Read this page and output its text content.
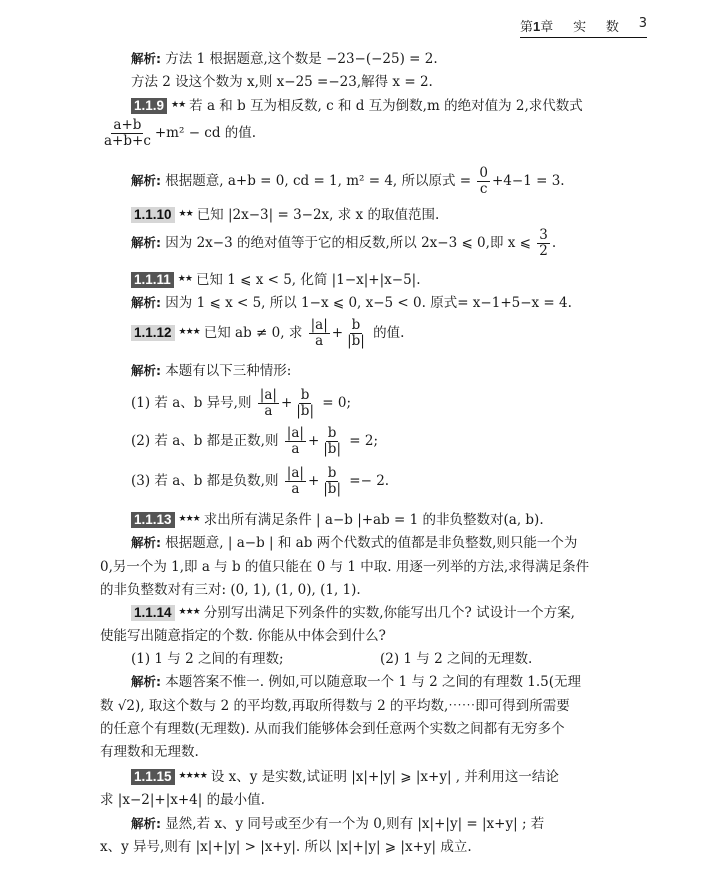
第1章 实 数 3
解析: 方法 1 根据题意,这个数是 −23−(−25) = 2.
方法 2 设这个数为 x,则 x−25 =−23,解得 x = 2.
1.1.9 ★★ 若 a 和 b 互为相反数, c 和 d 互为倒数,m 的绝对值为 2,求代数式
$\frac{a+b}{a+b+c} +m^2$ − cd 的值.
解析: 根据题意, a+b = 0, cd = 1, m² = 4, 所以原式 = $\frac{0}{c} +4-1 = 3$.
1.1.10 ★★ 已知 |2x−3| = 3−2x, 求 x 的取值范围.
解析: 因为 2x−3 的绝对值等于它的相反数,所以 2x−3 ⩽ 0,即 x ⩽ $\frac{3}{2}$ .
1.1.11 ★★ 已知 1 ⩽ x < 5, 化简 |1−x|+|x−5|.
解析: 因为 1 ⩽ x < 5, 所以 1−x ⩽ 0, x−5 < 0. 原式= x−1+5−x = 4.
1.1.12 ★★★ 已知 ab ≠ 0, 求 $\frac{|a|}{a} + \frac{b}{|b|}$ 的值.
解析: 本题有以下三种情形:
(1) 若 a、b 异号,则 $\frac{|a|}{a} + \frac{b}{|b|} = 0$;
(2) 若 a、b 都是正数,则 $\frac{|a|}{a} + \frac{b}{|b|} = 2$;
(3) 若 a、b 都是负数,则 $\frac{|a|}{a} + \frac{b}{|b|} =- 2$.
1.1.13 ★★★ 求出所有满足条件 | a−b |+ab = 1 的非负整数对(a, b).
解析: 根据题意, | a−b | 和 ab 两个代数式的值都是非负整数,则只能一个为
0,另一个为 1,即 a 与 b 的值只能在 0 与 1 中取. 用逐一列举的方法,求得满足条件
的非负整数对有三对: (0, 1), (1, 0), (1, 1).
1.1.14 ★★★ 分别写出满足下列条件的实数,你能写出几个? 试设计一个方案,
使能写出随意指定的个数. 你能从中体会到什么?
(1) 1 与 2 之间的有理数;	(2) 1 与 2 之间的无理数.
解析: 本题答案不惟一. 例如,可以随意取一个 1 与 2 之间的有理数 1.5(无理
数 √2), 取这个数与 2 的平均数,再取所得数与 2 的平均数,⋯⋯即可得到所需要
的任意个有理数(无理数). 从而我们能够体会到任意两个实数之间都有无穷多个
有理数和无理数.
1.1.15 ★★★★ 设 x、y 是实数,试证明 |x|+|y| ⩾ |x+y| , 并利用这一结论
求 |x−2|+|x+4| 的最小值.
解析: 显然,若 x、y 同号或至少有一个为 0,则有 |x|+|y| = |x+y| ; 若
x、y 异号,则有 |x|+|y| > |x+y|. 所以 |x|+|y| ⩾ |x+y| 成立.
